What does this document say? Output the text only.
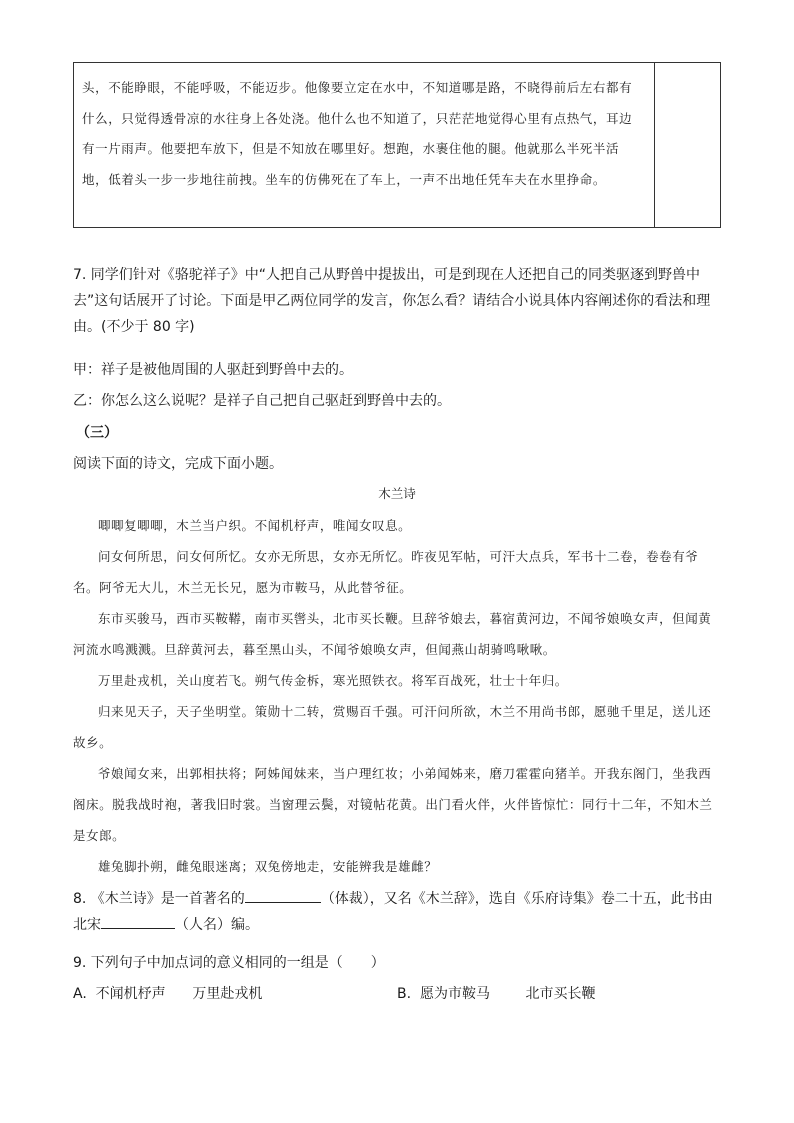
头，不能睁眼，不能呼吸，不能迈步。他像要立定在水中，不知道哪是路，不晓得前后左右都有什么，只觉得透骨凉的水往身上各处浇。他什么也不知道了，只茫茫地觉得心里有点热气，耳边有一片雨声。他要把车放下，但是不知放在哪里好。想跑，水裹住他的腿。他就那么半死半活地，低着头一步一步地往前拽。坐车的仿佛死在了车上，一声不出地任凭车夫在水里挣命。

7. 同学们针对《骆驼祥子》中“人把自己从野兽中提拔出，可是到现在人还把自己的同类驱逐到野兽中
去”这句话展开了讨论。下面是甲乙两位同学的发言，你怎么看？请结合小说具体内容阐述你的看法和理
由。(不少于 80 字)
甲：祥子是被他周围的人驱赶到野兽中去的。
乙：你怎么这么说呢？是祥子自己把自己驱赶到野兽中去的。
（三）
阅读下面的诗文，完成下面小题。
木兰诗

唧唧复唧唧，木兰当户织。不闻机杼声，唯闻女叹息。

问女何所思，问女何所忆。女亦无所思，女亦无所忆。昨夜见军帖，可汗大点兵，军书十二卷，卷卷有爷名。阿爷无大儿，木兰无长兄，愿为市鞍马，从此替爷征。

东市买骏马，西市买鞍鞯，南市买辔头，北市买长鞭。旦辞爷娘去，暮宿黄河边，不闻爷娘唤女声，但闻黄河流水鸣溅溅。旦辞黄河去，暮至黑山头，不闻爷娘唤女声，但闻燕山胡骑鸣啾啾。

万里赴戎机，关山度若飞。朔气传金柝，寒光照铁衣。将军百战死，壮士十年归。

归来见天子，天子坐明堂。策勋十二转，赏赐百千强。可汗问所欲，木兰不用尚书郎，愿驰千里足，送儿还故乡。

爷娘闻女来，出郭相扶将；阿姊闻妹来，当户理红妆；小弟闻姊来，磨刀霍霍向猪羊。开我东阁门，坐我西阁床。脱我战时袍，著我旧时裳。当窗理云鬓，对镜帖花黄。出门看火伴，火伴皆惊忙：同行十二年，不知木兰是女郎。

雄兔脚扑朔，雌兔眼迷离；双兔傍地走，安能辨我是雄雌？

8. 《木兰诗》是一首著名的	（体裁），又名《木兰辞》，选自《乐府诗集》卷二十五，此书由
北宋	（人名）编。
9. 下列句子中加点词的意义相同的一组是（　　）
A.  不闻机杼声      万里赴戎机	B.  愿为市鞍马        北市买长鞭
